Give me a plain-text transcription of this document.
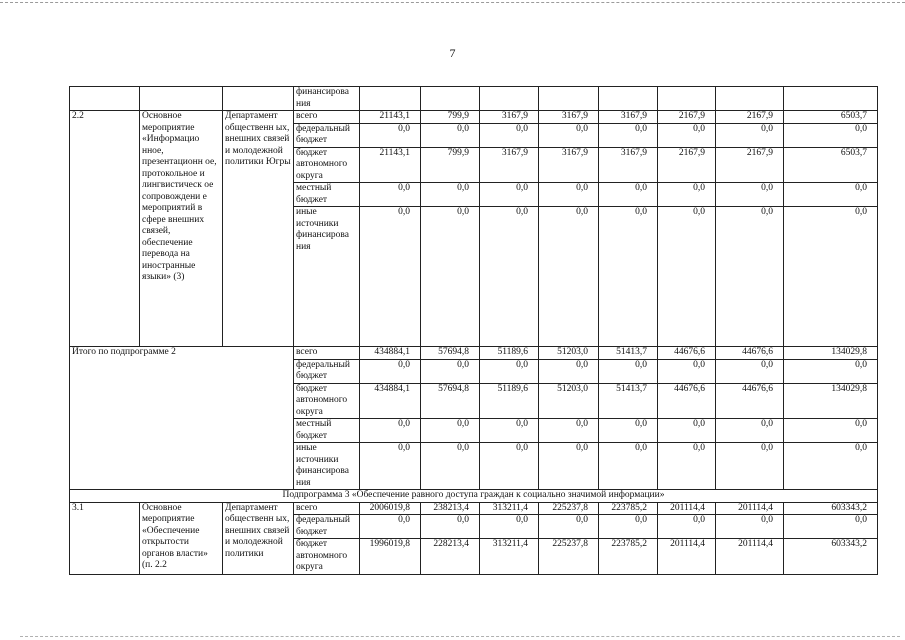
7
			финансирова ния								
2.2	Основное мероприятие «Информацио нное, презентационн ое, протокольное и лингвистическ ое сопровождени е мероприятий в сфере внешних связей, обеспечение перевода на иностранные языки» (3)	Департамент общественн ых, внешних связей и молодежной политики Югры	всего	21143,1	799,9	3167,9	3167,9	3167,9	2167,9	2167,9	6503,7
			федеральный бюджет	0,0	0,0	0,0	0,0	0,0	0,0	0,0	0,0
			бюджет автономного округа	21143,1	799,9	3167,9	3167,9	3167,9	2167,9	2167,9	6503,7
			местный бюджет	0,0	0,0	0,0	0,0	0,0	0,0	0,0	0,0
			иные источники финансирова ния	0,0	0,0	0,0	0,0	0,0	0,0	0,0	0,0
Итого по подпрограмме 2			всего	434884,1	57694,8	51189,6	51203,0	51413,7	44676,6	44676,6	134029,8
			федеральный бюджет	0,0	0,0	0,0	0,0	0,0	0,0	0,0	0,0
			бюджет автономного округа	434884,1	57694,8	51189,6	51203,0	51413,7	44676,6	44676,6	134029,8
			местный бюджет	0,0	0,0	0,0	0,0	0,0	0,0	0,0	0,0
			иные источники финансирова ния	0,0	0,0	0,0	0,0	0,0	0,0	0,0	0,0
Подпрограмма 3 «Обеспечение равного доступа граждан к социально значимой информации»											
3.1	Основное мероприятие «Обеспечение открытости органов власти» (п. 2.2	Департамент общественн ых, внешних связей и молодежной политики	всего	2006019,8	238213,4	313211,4	225237,8	223785,2	201114,4	201114,4	603343,2
			федеральный бюджет	0,0	0,0	0,0	0,0	0,0	0,0	0,0	0,0
			бюджет автономного округа	1996019,8	228213,4	313211,4	225237,8	223785,2	201114,4	201114,4	603343,2
